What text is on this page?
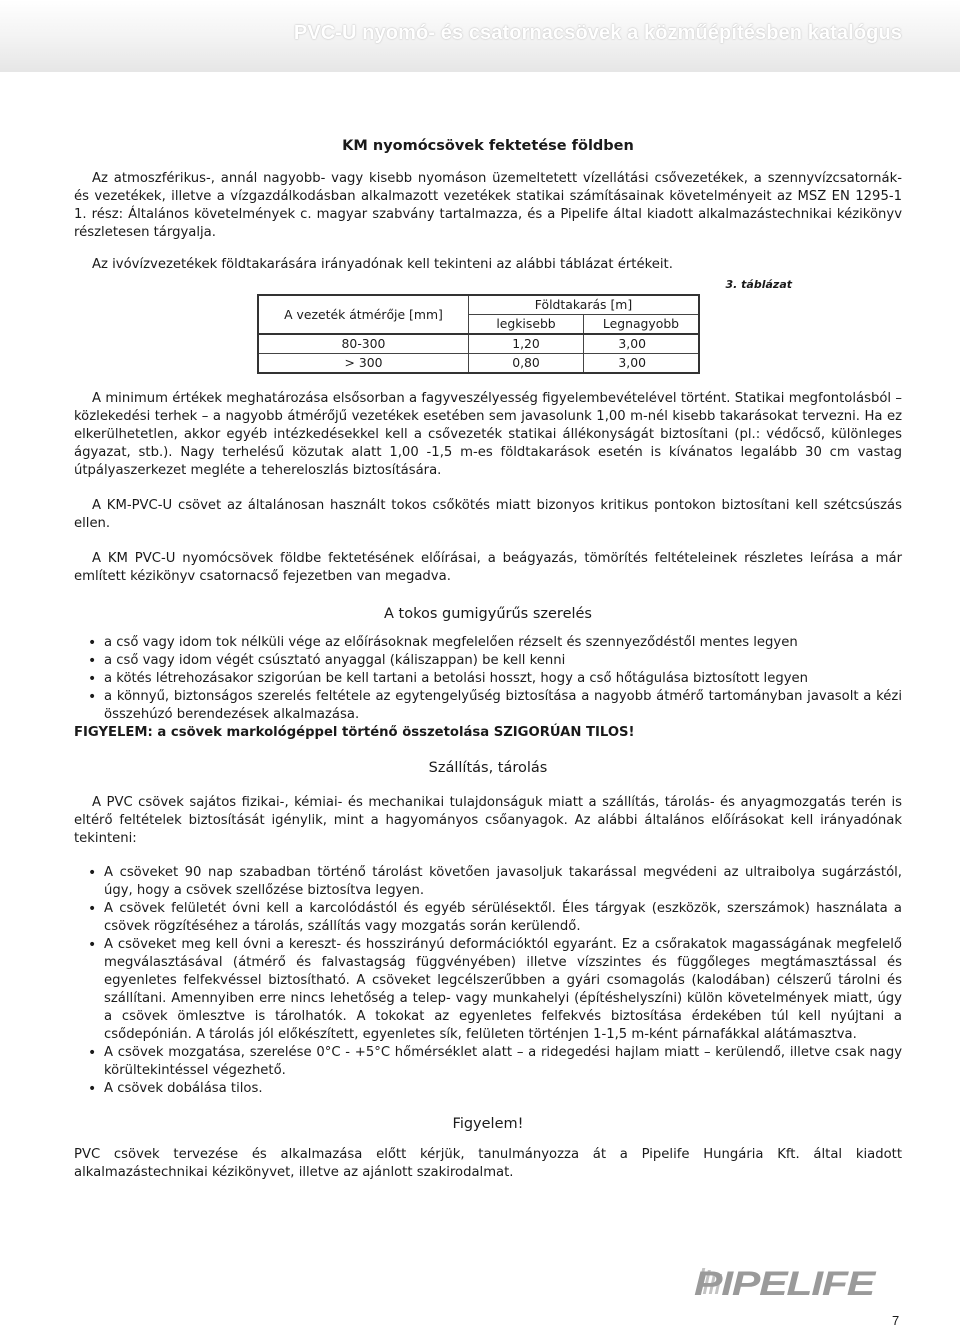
PVC-U nyomó- és csatornacsövek a közműépítésben katalógus
KM nyomócsövek fektetése földben

Az atmoszférikus-, annál nagyobb- vagy kisebb nyomáson üzemeltetett vízellátási csővezetékek, a szennyvízcsatornák- és vezetékek, illetve a vízgazdálkodásban alkalmazott vezetékek statikai számításainak követelményeit az MSZ EN 1295-1 1. rész: Általános követelmények c. magyar szabvány tartalmazza, és a Pipelife által kiadott alkalmazástechnikai kézikönyv részletesen tárgyalja.

Az ivóvízvezetékek földtakarására irányadónak kell tekinteni az alábbi táblázat értékeit.

3. táblázat
A vezeték átmérője [mm]	Földtakarás [m]	
	legkisebb	Legnagyobb
80-300	1,20	3,00
> 300	0,80	3,00

A minimum értékek meghatározása elsősorban a fagyveszélyesség figyelembevételével történt. Statikai megfontolásból – közlekedési terhek – a nagyobb átmérőjű vezetékek esetében sem javasolunk 1,00 m-nél kisebb takarásokat tervezni. Ha ez elkerülhetetlen, akkor egyéb intézkedésekkel kell a csővezeték statikai állékonyságát biztosítani (pl.: védőcső, különleges ágyazat, stb.). Nagy terhelésű közutak alatt 1,00 -1,5 m-es földtakarások esetén is kívánatos legalább 30 cm vastag útpályaszerkezet megléte a tehereloszlás biztosítására.

A KM-PVC-U csövet az általánosan használt tokos csőkötés miatt bizonyos kritikus pontokon biztosítani kell szétcsúszás ellen.

A KM PVC-U nyomócsövek földbe fektetésének előírásai, a beágyazás, tömörítés feltételeinek részletes leírása a már említett kézikönyv csatornacső fejezetben van megadva.

A tokos gumigyűrűs szerelés
• a cső vagy idom tok nélküli vége az előírásoknak megfelelően rézselt és szennyeződéstől mentes legyen
• a cső vagy idom végét csúsztató anyaggal (káliszappan) be kell kenni
• a kötés létrehozásakor szigorúan be kell tartani a betolási hosszt, hogy a cső hőtágulása biztosított legyen
• a könnyű, biztonságos szerelés feltétele az egytengelyűség biztosítása a nagyobb átmérő tartományban javasolt a kézi összehúzó berendezések alkalmazása.

FIGYELEM: a csövek markológéppel történő összetolása SZIGORÚAN TILOS!

Szállítás, tárolás

A PVC csövek sajátos fizikai-, kémiai- és mechanikai tulajdonságuk miatt a szállítás, tárolás- és anyagmozgatás terén is eltérő feltételek biztosítását igénylik, mint a hagyományos csőanyagok. Az alábbi általános előírásokat kell irányadónak tekinteni:

• A csöveket 90 nap szabadban történő tárolást követően javasoljuk takarással megvédeni az ultraibolya sugárzástól, úgy, hogy a csövek szellőzése biztosítva legyen.
• A csövek felületét óvni kell a karcolódástól és egyéb sérülésektől. Éles tárgyak (eszközök, szerszámok) használata a csövek rögzítéséhez a tárolás, szállítás vagy mozgatás során kerülendő.
• A csöveket meg kell óvni a kereszt- és hosszirányú deformációktól egyaránt. Ez a csőrakatok magasságának megfelelő megválasztásával (átmérő és falvastagság függvényében) illetve vízszintes és függőleges megtámasztással és egyenletes felfekvéssel biztosítható. A csöveket legcélszerűbben a gyári csomagolás (kalodában) célszerű tárolni és szállítani. Amennyiben erre nincs lehetőség a telep- vagy munkahelyi (építéshelyszíni) külön követelmények miatt, úgy a csövek ömlesztve is tárolhatók. A tokokat az egyenletes felfekvés biztosítása érdekében túl kell nyújtani a csődepónián. A tárolás jól előkészített, egyenletes sík, felületen történjen 1-1,5 m-ként párnafákkal alátámasztva.
• A csövek mozgatása, szerelése 0°C - +5°C hőmérséklet alatt – a ridegedési hajlam miatt – kerülendő, illetve csak nagy körültekintéssel végezhető.
• A csövek dobálása tilos.
Figyelem!

PVC csövek tervezése és alkalmazása előtt kérjük, tanulmányozza át a Pipelife Hungária Kft. által kiadott alkalmazástechnikai kézikönyvet, illetve az ajánlott szakirodalmat.

PIPELIFE
7
